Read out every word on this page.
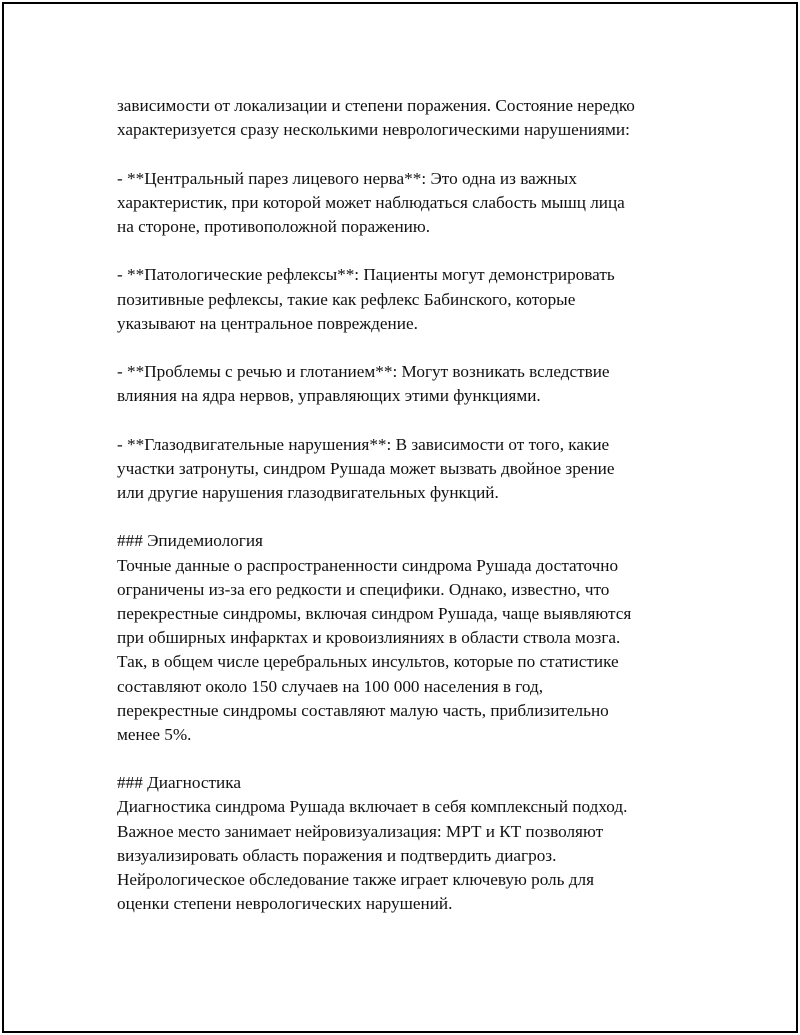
зависимости от локализации и степени поражения. Состояние нередко
характеризуется сразу несколькими неврологическими нарушениями:
- **Центральный парез лицевого нерва**: Это одна из важных
характеристик, при которой может наблюдаться слабость мышц лица
на стороне, противоположной поражению.
- **Патологические рефлексы**: Пациенты могут демонстрировать
позитивные рефлексы, такие как рефлекс Бабинского, которые
указывают на центральное повреждение.
- **Проблемы с речью и глотанием**: Могут возникать вследствие
влияния на ядра нервов, управляющих этими функциями.
- **Глазодвигательные нарушения**: В зависимости от того, какие
участки затронуты, синдром Рушада может вызвать двойное зрение
или другие нарушения глазодвигательных функций.
### Эпидемиология
Точные данные о распространенности синдрома Рушада достаточно
ограничены из-за его редкости и специфики. Однако, известно, что
перекрестные синдромы, включая синдром Рушада, чаще выявляются
при обширных инфарктах и кровоизлияниях в области ствола мозга.
Так, в общем числе церебральных инсультов, которые по статистике
составляют около 150 случаев на 100 000 населения в год,
перекрестные синдромы составляют малую часть, приблизительно
менее 5%.
### Диагностика
Диагностика синдрома Рушада включает в себя комплексный подход.
Важное место занимает нейровизуализация: МРТ и КТ позволяют
визуализировать область поражения и подтвердить диагроз.
Нейрологическое обследование также играет ключевую роль для
оценки степени неврологических нарушений.
